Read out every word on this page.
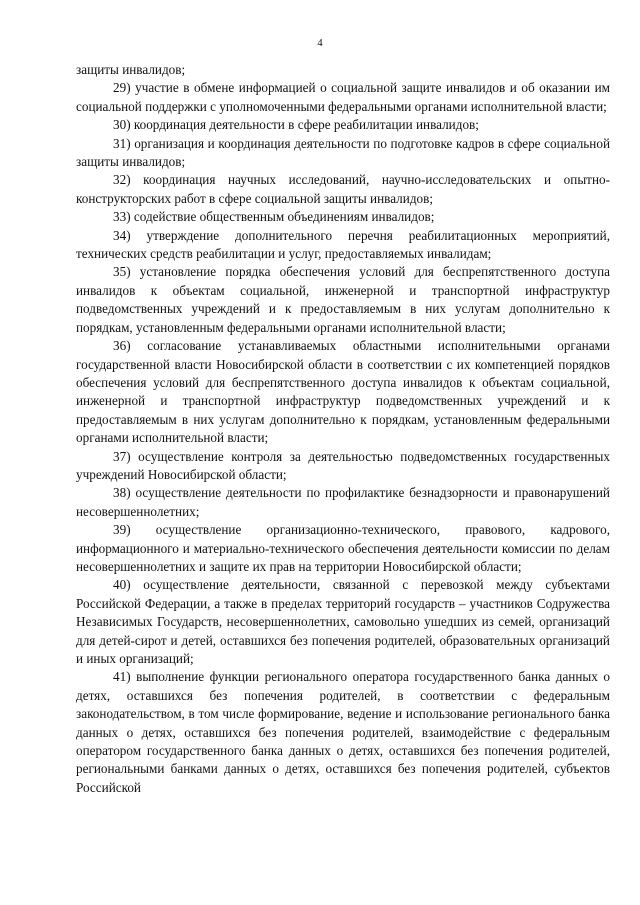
4

защиты инвалидов;

29) участие в обмене информацией о социальной защите инвалидов и об оказании им социальной поддержки с уполномоченными федеральными органами исполнительной власти;

30) координация деятельности в сфере реабилитации инвалидов;

31) организация и координация деятельности по подготовке кадров в сфере социальной защиты инвалидов;

32) координация научных исследований, научно-исследовательских и опытно-конструкторских работ в сфере социальной защиты инвалидов;

33) содействие общественным объединениям инвалидов;

34) утверждение дополнительного перечня реабилитационных мероприятий, технических средств реабилитации и услуг, предоставляемых инвалидам;

35) установление порядка обеспечения условий для беспрепятственного доступа инвалидов к объектам социальной, инженерной и транспортной инфраструктур подведомственных учреждений и к предоставляемым в них услугам дополнительно к порядкам, установленным федеральными органами исполнительной власти;

36) согласование устанавливаемых областными исполнительными органами государственной власти Новосибирской области в соответствии с их компетенцией порядков обеспечения условий для беспрепятственного доступа инвалидов к объектам социальной, инженерной и транспортной инфраструктур подведомственных учреждений и к предоставляемым в них услугам дополнительно к порядкам, установленным федеральными органами исполнительной власти;

37) осуществление контроля за деятельностью подведомственных государственных учреждений Новосибирской области;

38) осуществление деятельности по профилактике безнадзорности и правонарушений несовершеннолетних;

39) осуществление организационно-технического, правового, кадрового, информационного и материально-технического обеспечения деятельности комиссии по делам несовершеннолетних и защите их прав на территории Новосибирской области;

40) осуществление деятельности, связанной с перевозкой между субъектами Российской Федерации, а также в пределах территорий государств – участников Содружества Независимых Государств, несовершеннолетних, самовольно ушедших из семей, организаций для детей-сирот и детей, оставшихся без попечения родителей, образовательных организаций и иных организаций;

41) выполнение функции регионального оператора государственного банка данных о детях, оставшихся без попечения родителей, в соответствии с федеральным законодательством, в том числе формирование, ведение и использование регионального банка данных о детях, оставшихся без попечения родителей, взаимодействие с федеральным оператором государственного банка данных о детях, оставшихся без попечения родителей, региональными банками данных о детях, оставшихся без попечения родителей, субъектов Российской
